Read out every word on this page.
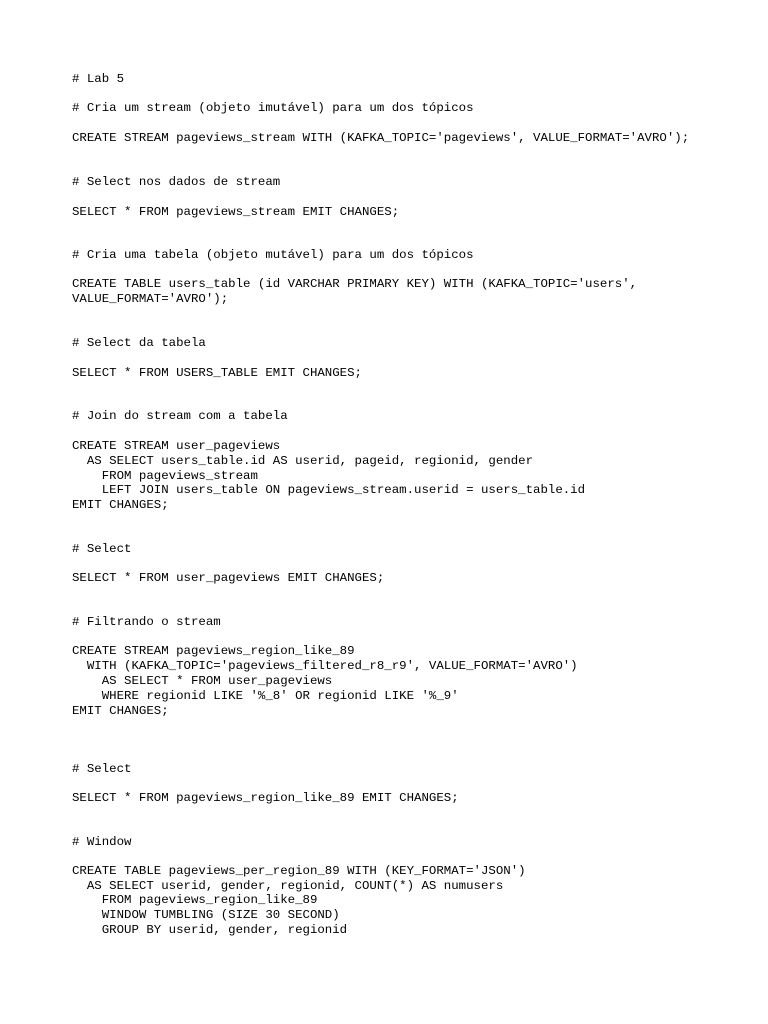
# Lab 5
# Cria um stream (objeto imutável) para um dos tópicos
CREATE STREAM pageviews_stream WITH (KAFKA_TOPIC='pageviews', VALUE_FORMAT='AVRO');
# Select nos dados de stream
SELECT * FROM pageviews_stream EMIT CHANGES;
# Cria uma tabela (objeto mutável) para um dos tópicos
CREATE TABLE users_table (id VARCHAR PRIMARY KEY) WITH (KAFKA_TOPIC='users',
VALUE_FORMAT='AVRO');
# Select da tabela
SELECT * FROM USERS_TABLE EMIT CHANGES;
# Join do stream com a tabela
CREATE STREAM user_pageviews
AS SELECT users_table.id AS userid, pageid, regionid, gender
FROM pageviews_stream
LEFT JOIN users_table ON pageviews_stream.userid = users_table.id
EMIT CHANGES;
# Select
SELECT * FROM user_pageviews EMIT CHANGES;
# Filtrando o stream
CREATE STREAM pageviews_region_like_89
WITH (KAFKA_TOPIC='pageviews_filtered_r8_r9', VALUE_FORMAT='AVRO')
AS SELECT * FROM user_pageviews
WHERE regionid LIKE '%_8' OR regionid LIKE '%_9'
EMIT CHANGES;
# Select
SELECT * FROM pageviews_region_like_89 EMIT CHANGES;
# Window
CREATE TABLE pageviews_per_region_89 WITH (KEY_FORMAT='JSON')
AS SELECT userid, gender, regionid, COUNT(*) AS numusers
FROM pageviews_region_like_89
WINDOW TUMBLING (SIZE 30 SECOND)
GROUP BY userid, gender, regionid
